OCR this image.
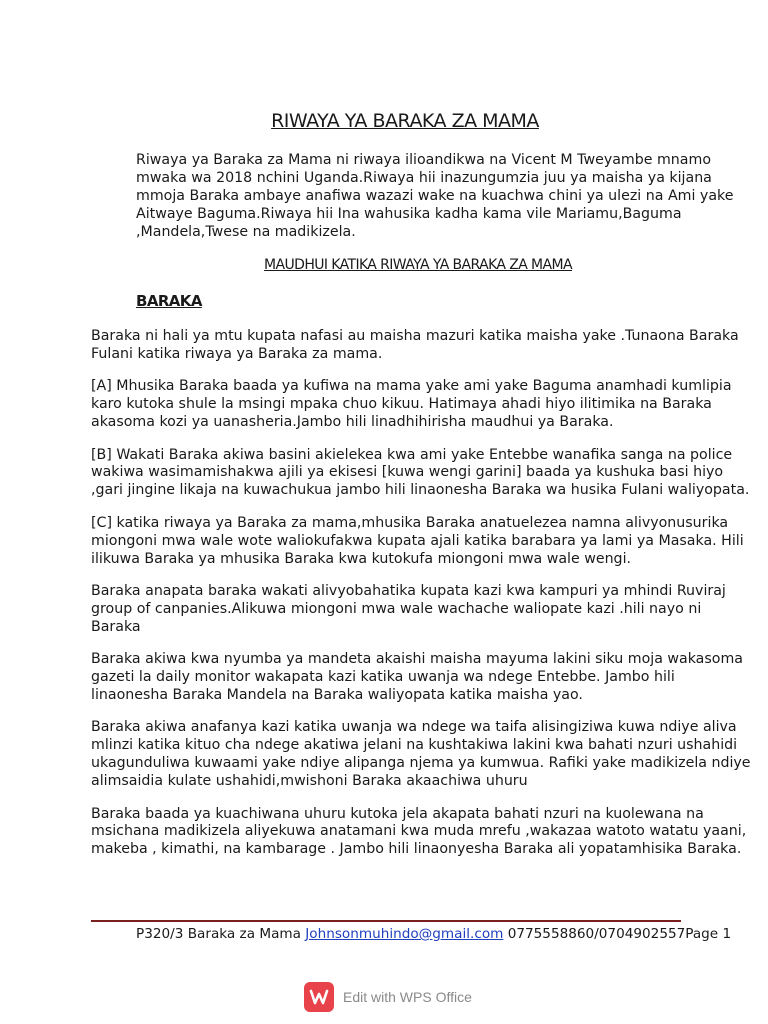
RIWAYA YA BARAKA ZA MAMA
Riwaya ya Baraka za Mama ni riwaya ilioandikwa na Vicent M Tweyambe mnamo mwaka wa 2018 nchini Uganda.Riwaya hii inazungumzia juu ya maisha ya kijana mmoja Baraka ambaye anafiwa wazazi wake na kuachwa chini ya ulezi na Ami yake Aitwaye Baguma.Riwaya hii Ina wahusika kadha kama vile Mariamu,Baguma ,Mandela,Twese na madikizela.
MAUDHUI KATIKA RIWAYA YA BARAKA ZA MAMA
BARAKA

Baraka ni hali ya mtu kupata nafasi au maisha mazuri katika maisha yake .Tunaona Baraka Fulani katika riwaya ya Baraka za mama.

[A] Mhusika Baraka baada ya kufiwa na mama yake ami yake Baguma anamhadi kumlipia karo kutoka shule la msingi mpaka chuo kikuu. Hatimaya ahadi hiyo ilitimika na Baraka akasoma kozi ya uanasheria.Jambo hili linadhihirisha maudhui ya Baraka.

[B] Wakati Baraka akiwa basini akielekea kwa ami yake Entebbe wanafika sanga na police wakiwa wasimamishakwa ajili ya ekisesi [kuwa wengi garini] baada ya kushuka basi hiyo ,gari jingine likaja na kuwachukua jambo hili linaonesha Baraka wa husika Fulani waliyopata.

[C] katika riwaya ya Baraka za mama,mhusika Baraka anatuelezea namna alivyonusurika miongoni mwa wale wote waliokufakwa kupata ajali katika barabara ya lami ya Masaka. Hili ilikuwa Baraka ya mhusika Baraka kwa kutokufa miongoni mwa wale wengi.

Baraka anapata baraka wakati alivyobahatika kupata kazi kwa kampuri ya mhindi Ruviraj group of canpanies.Alikuwa miongoni mwa wale wachache waliopate kazi .hili nayo ni Baraka

Baraka akiwa kwa nyumba ya mandeta akaishi maisha mayuma lakini siku moja wakasoma gazeti la daily monitor wakapata kazi katika uwanja wa ndege Entebbe. Jambo hili linaonesha Baraka Mandela na Baraka waliyopata katika maisha yao.

Baraka akiwa anafanya kazi katika uwanja wa ndege wa taifa alisingiziwa kuwa ndiye aliva mlinzi katika kituo cha ndege akatiwa jelani na kushtakiwa lakini kwa bahati nzuri ushahidi ukagunduliwa kuwaami yake ndiye alipanga njema ya kumwua. Rafiki yake madikizela ndiye alimsaidia kulate ushahidi,mwishoni Baraka akaachiwa uhuru

Baraka baada ya kuachiwana uhuru kutoka jela akapata bahati nzuri na kuolewana na msichana madikizela aliyekuwa anatamani kwa muda mrefu ,wakazaa watoto watatu yaani, makeba , kimathi, na kambarage . Jambo hili linaonyesha Baraka ali yopatamhisika Baraka.

P320/3 Baraka za Mama Johnsonmuhindo@gmail.com 0775558860/0704902557Page 1
Edit with WPS Office
